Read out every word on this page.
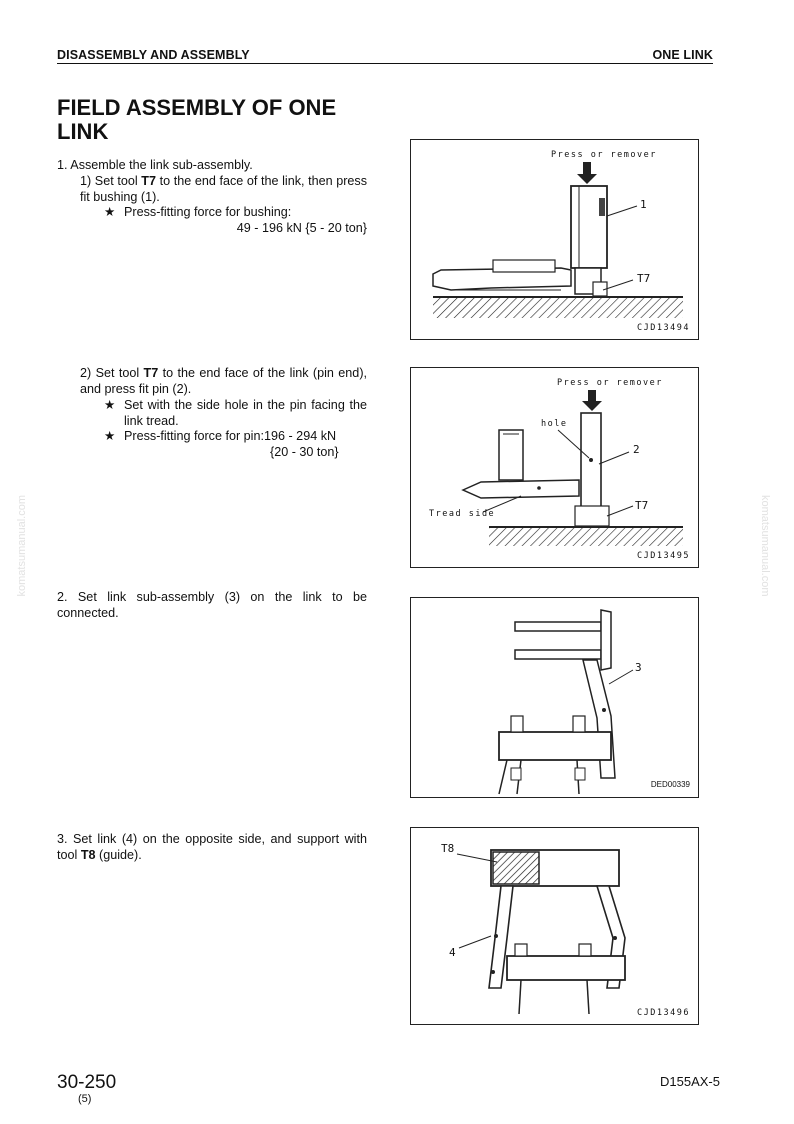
DISASSEMBLY AND ASSEMBLY	ONE LINK
FIELD ASSEMBLY OF ONE LINK
komatsumanual.com	komatsumanual.com
1. Assemble the link sub-assembly.
1) Set tool T7 to the end face of the link, then press fit bushing (1).
★ Press-fitting force for bushing:
49 - 196 kN {5 - 20 ton}
2) Set tool T7 to the end face of the link (pin end), and press fit pin (2).
★ Set with the side hole in the pin facing the link tread.
★ Press-fitting force for pin:196 - 294 kN
{20 - 30 ton}
2. Set link sub-assembly (3) on the link to be connected.
3. Set link (4) on the opposite side, and support with tool T8 (guide).
Press or remover
1
T7
CJD13494
Press or remover
hole
2
Tread side
T7
CJD13495
3
DED00339
T8
4
CJD13496
30-250
(5)
D155AX-5
